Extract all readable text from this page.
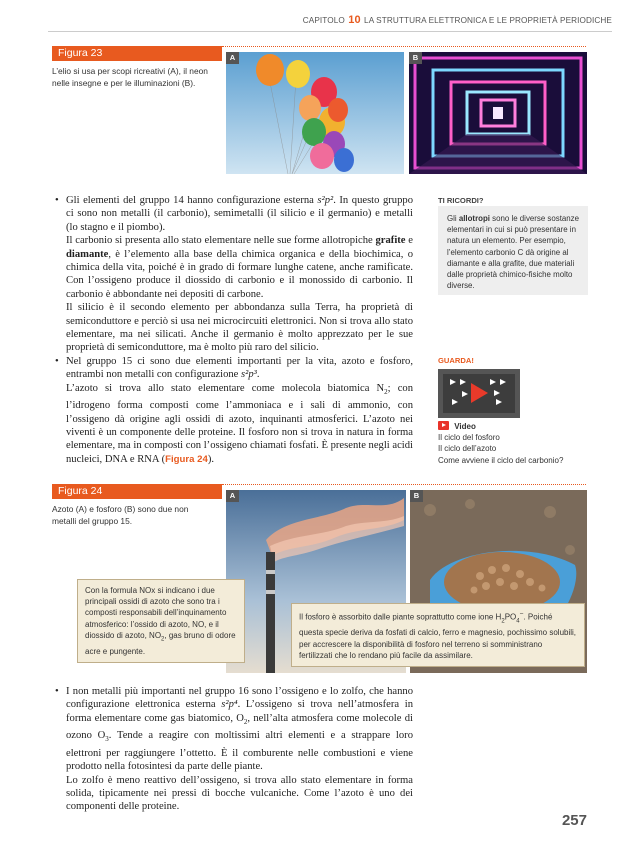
CAPITOLO 10 LA STRUTTURA ELETTRONICA E LE PROPRIETÀ PERIODICHE
Figura 23
L’elio si usa per scopi ricreativi (A), il neon nelle insegne e per le illuminazioni (B).
A	B

• Gli elementi del gruppo 14 hanno configurazione esterna s²p². In questo gruppo ci sono non metalli (il carbonio), semimetalli (il silicio e il germanio) e metalli (lo stagno e il piombo).

Il carbonio si presenta allo stato elementare nelle sue forme allotropiche grafite e diamante, è l’elemento alla base della chimica organica e della biochimica, o chimica della vita, poiché è in grado di formare lunghe catene, anche ramificate. Con l’ossigeno produce il diossido di carbonio e il monossido di carbonio. Il carbonio è abbondante nei depositi di carbone.

Il silicio è il secondo elemento per abbondanza sulla Terra, ha proprietà di semiconduttore e perciò si usa nei microcircuiti elettronici. Non si trova allo stato elementare, ma nei silicati. Anche il germanio è molto apprezzato per le sue proprietà di semiconduttore, ma è molto più raro del silicio.

• Nel gruppo 15 ci sono due elementi importanti per la vita, azoto e fosforo, entrambi non metalli con configurazione s²p³.

L’azoto si trova allo stato elementare come molecola biatomica $N_2$; con l’idrogeno forma composti come l’ammoniaca e i sali di ammonio, con l’ossigeno dà origine agli ossidi di azoto, inquinanti atmosferici. L’azoto nei viventi è un componente delle proteine. Il fosforo non si trova in natura in forma elementare, ma in composti con l’ossigeno chiamati fosfati. È presente negli acidi nucleici, DNA e RNA (Figura 24).

TI RICORDI?
Gli allotropi sono le diverse sostanze elementari in cui si può presentare in natura un elemento. Per esempio, l’elemento carbonio C dà origine al diamante e alla grafite, due materiali dalle proprietà chimico-fisiche molto diverse.
GUARDA!
Video
Il ciclo del fosforo
Il ciclo dell’azoto
Come avviene il ciclo del carbonio?
Figura 24
Azoto (A) e fosforo (B) sono due non metalli del gruppo 15.
A	B
Con la formula NOx si indicano i due principali ossidi di azoto che sono tra i composti responsabili dell’inquinamento atmosferico: l’ossido di azoto, NO, e il diossido di azoto, $NO_2$, gas bruno di odore acre e pungente.
Il fosforo è assorbito dalle piante soprattutto come ione $H_2PO_4^-$. Poiché questa specie deriva da fosfati di calcio, ferro e magnesio, pochissimo solubili, per accrescere la disponibilità di fosforo nel terreno si somministrano fertilizzati che lo rendano più facile da assimilare.

• I non metalli più importanti nel gruppo 16 sono l’ossigeno e lo zolfo, che hanno configurazione elettronica esterna s²p⁴. L’ossigeno si trova nell’atmosfera in forma elementare come gas biatomico, $O_2$, nell’alta atmosfera come molecole di ozono $O_3$. Tende a reagire con moltissimi altri elementi e a strappare loro elettroni per raggiungere l’ottetto. È il comburente nelle combustioni e viene prodotto nella fotosintesi da parte delle piante.

Lo zolfo è meno reattivo dell’ossigeno, si trova allo stato elementare in forma solida, tipicamente nei pressi di bocche vulcaniche. Come l’azoto è uno dei componenti delle proteine.

257
